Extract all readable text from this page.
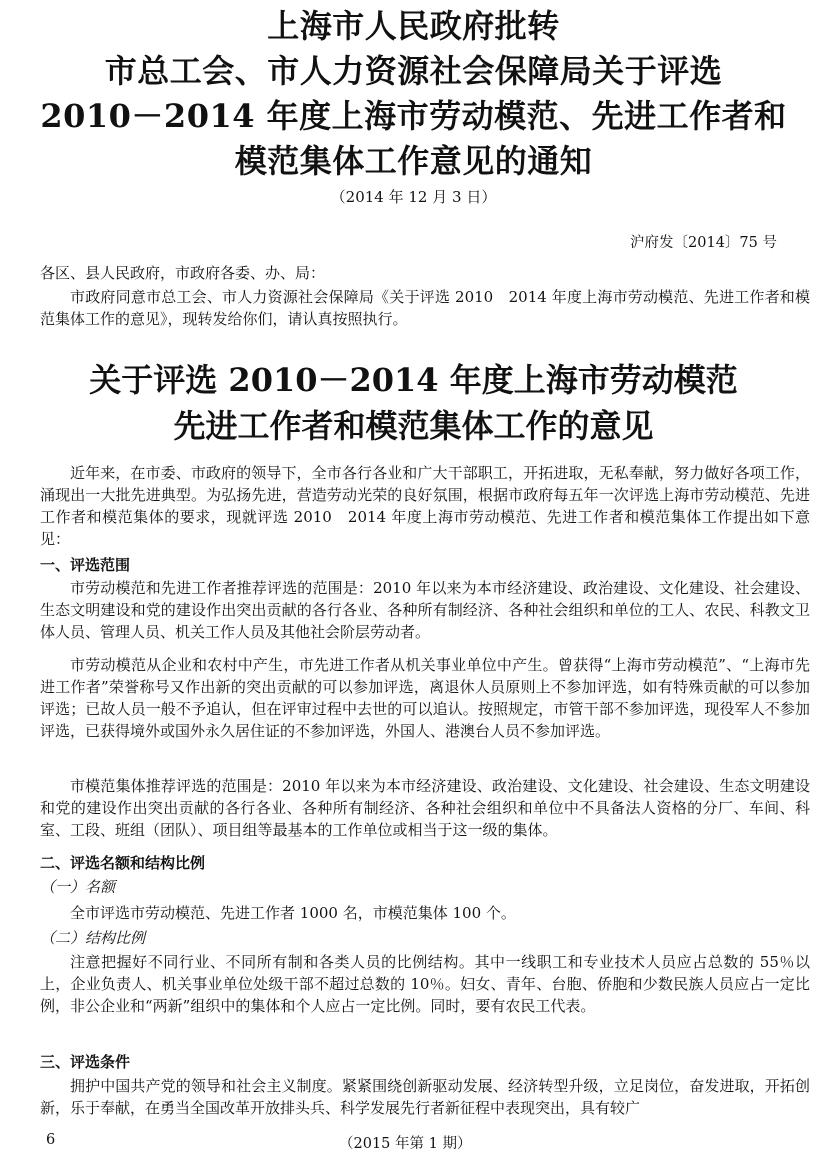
上海市人民政府批转
市总工会、市人力资源社会保障局关于评选
2010－2014 年度上海市劳动模范、先进工作者和
模范集体工作意见的通知
（2014 年 12 月 3 日）
沪府发〔2014〕75 号
各区、县人民政府，市政府各委、办、局：
市政府同意市总工会、市人力资源社会保障局《关于评选 2010　2014 年度上海市劳动模范、先进工作者和模范集体工作的意见》，现转发给你们，请认真按照执行。
关于评选 2010－2014 年度上海市劳动模范
先进工作者和模范集体工作的意见
近年来，在市委、市政府的领导下，全市各行各业和广大干部职工，开拓进取，无私奉献，努力做好各项工作，涌现出一大批先进典型。为弘扬先进，营造劳动光荣的良好氛围，根据市政府每五年一次评选上海市劳动模范、先进工作者和模范集体的要求，现就评选 2010　2014 年度上海市劳动模范、先进工作者和模范集体工作提出如下意见：
一、评选范围
市劳动模范和先进工作者推荐评选的范围是：2010 年以来为本市经济建设、政治建设、文化建设、社会建设、生态文明建设和党的建设作出突出贡献的各行各业、各种所有制经济、各种社会组织和单位的工人、农民、科教文卫体人员、管理人员、机关工作人员及其他社会阶层劳动者。
市劳动模范从企业和农村中产生，市先进工作者从机关事业单位中产生。曾获得“上海市劳动模范”、“上海市先进工作者”荣誉称号又作出新的突出贡献的可以参加评选，离退休人员原则上不参加评选，如有特殊贡献的可以参加评选；已故人员一般不予追认，但在评审过程中去世的可以追认。按照规定，市管干部不参加评选，现役军人不参加评选，已获得境外或国外永久居住证的不参加评选，外国人、港澳台人员不参加评选。
市模范集体推荐评选的范围是：2010 年以来为本市经济建设、政治建设、文化建设、社会建设、生态文明建设和党的建设作出突出贡献的各行各业、各种所有制经济、各种社会组织和单位中不具备法人资格的分厂、车间、科室、工段、班组（团队）、项目组等最基本的工作单位或相当于这一级的集体。
二、评选名额和结构比例
（一）名额
全市评选市劳动模范、先进工作者 1000 名，市模范集体 100 个。
（二）结构比例
注意把握好不同行业、不同所有制和各类人员的比例结构。其中一线职工和专业技术人员应占总数的 55％以上，企业负责人、机关事业单位处级干部不超过总数的 10％。妇女、青年、台胞、侨胞和少数民族人员应占一定比例，非公企业和“两新”组织中的集体和个人应占一定比例。同时，要有农民工代表。
三、评选条件
拥护中国共产党的领导和社会主义制度。紧紧围绕创新驱动发展、经济转型升级，立足岗位，奋发进取，开拓创新，乐于奉献，在勇当全国改革开放排头兵、科学发展先行者新征程中表现突出，具有较广
6	（2015 年第 1 期）
